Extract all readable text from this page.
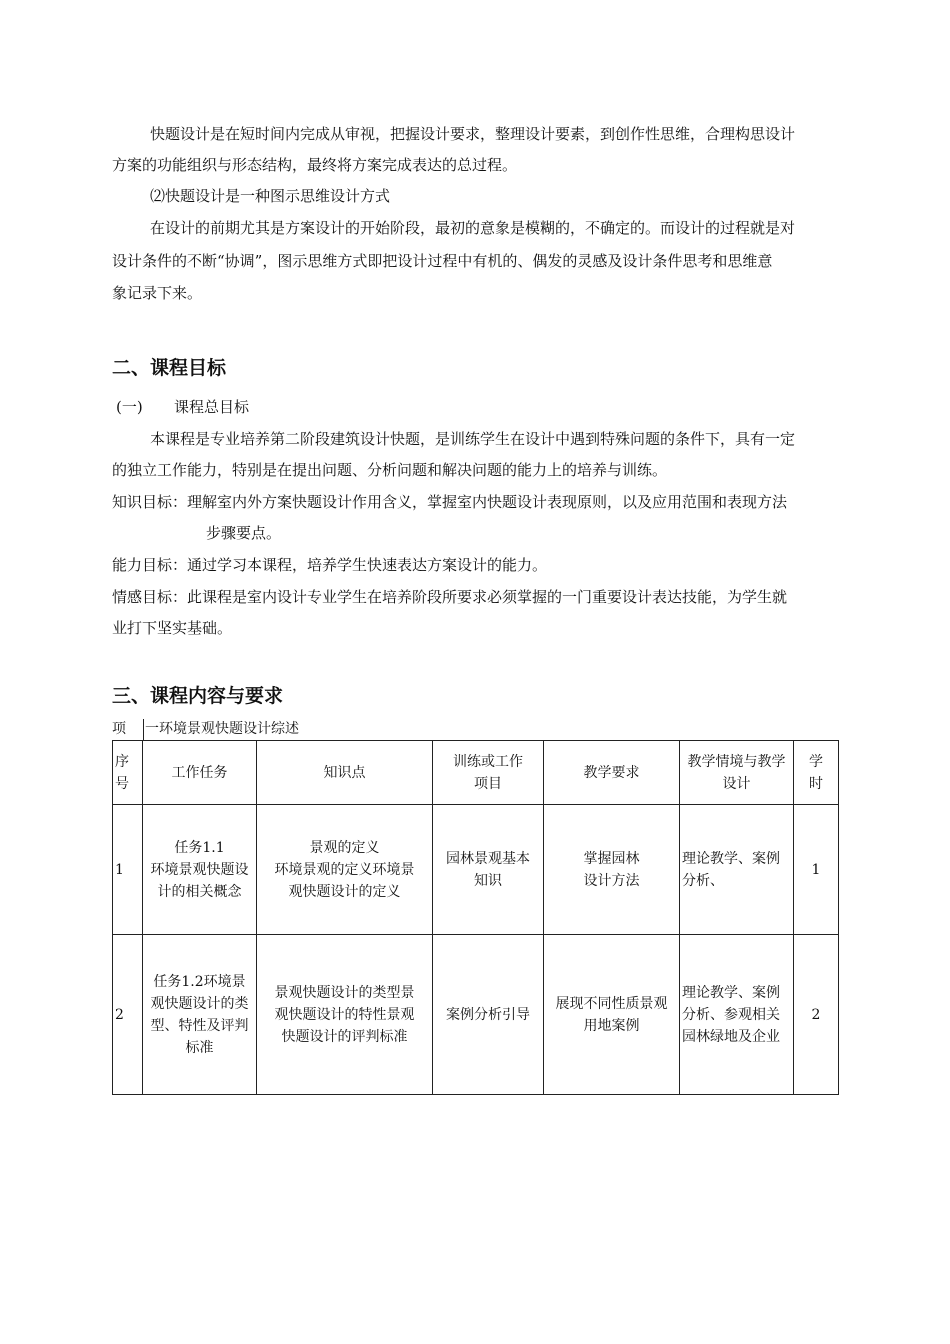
快题设计是在短时间内完成从审视，把握设计要求，整理设计要素，到创作性思维，合理构思设计
方案的功能组织与形态结构，最终将方案完成表达的总过程。
⑵快题设计是一种图示思维设计方式
在设计的前期尤其是方案设计的开始阶段，最初的意象是模糊的，不确定的。而设计的过程就是对
设计条件的不断“协调”，图示思维方式即把设计过程中有机的、偶发的灵感及设计条件思考和思维意
象记录下来。
二、课程目标
(一) 课程总目标
本课程是专业培养第二阶段建筑设计快题，是训练学生在设计中遇到特殊问题的条件下，具有一定
的独立工作能力，特别是在提出问题、分析问题和解决问题的能力上的培养与训练。
知识目标：理解室内外方案快题设计作用含义，掌握室内快题设计表现原则，以及应用范围和表现方法
步骤要点。
能力目标：通过学习本课程，培养学生快速表达方案设计的能力。
情感目标：此课程是室内设计专业学生在培养阶段所要求必须掌握的一门重要设计表达技能，为学生就
业打下坚实基础。
三、课程内容与要求
项 一环境景观快题设计综述
序
号	工作任务	知识点	训练或工作
项目	教学要求	教学情境与教学
设计	学
时

1	任务1.1
环境景观快题设
计的相关概念	景观的定义
环境景观的定义环境景
观快题设计的定义	园林景观基本
知识	掌握园林
设计方法	理论教学、案例
分析、	1

2	任务1.2环境景
观快题设计的类
型、特性及评判
标准	景观快题设计的类型景
观快题设计的特性景观
快题设计的评判标准	案例分析引导	展现不同性质景观
用地案例	理论教学、案例
分析、参观相关
园林绿地及企业	2
